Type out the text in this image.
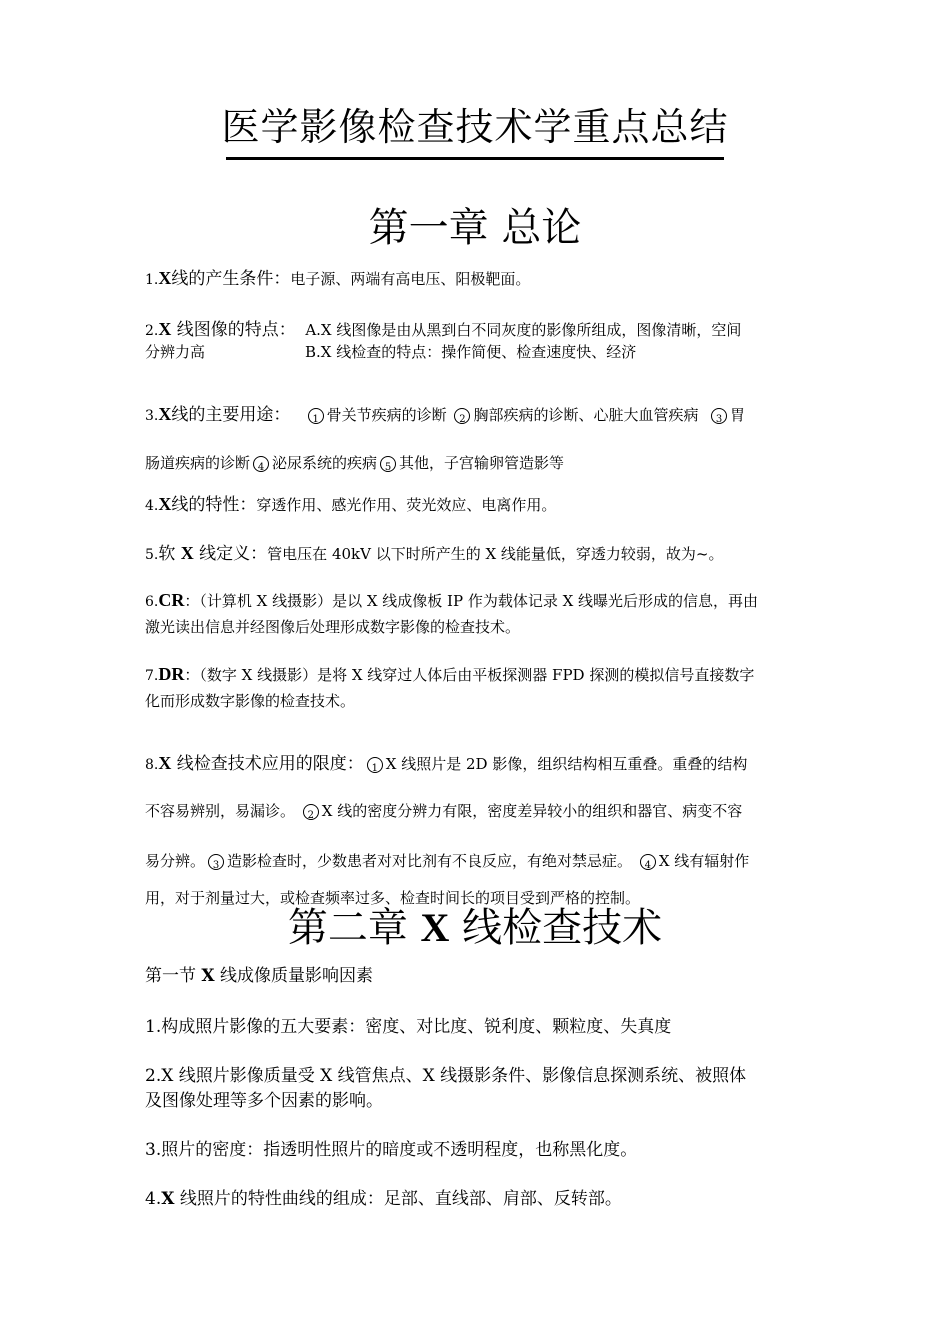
医学影像检查技术学重点总结
第一章 总论
1.X线的产生条件：电子源、两端有高电压、阳极靶面。
2.X 线图像的特点： A.X 线图像是由从黑到白不同灰度的影像所组成，图像清晰，空间
分辨力高	B.X 线检查的特点：操作简便、检查速度快、经济
3.X线的主要用途： 1 骨关节疾病的诊断 2 胸部疾病的诊断、心脏大血管疾病 3 胃
肠道疾病的诊断 4 泌尿系统的疾病 5 其他，子宫输卵管造影等
4.X线的特性：穿透作用、感光作用、荧光效应、电离作用。
5.软 X 线定义：管电压在 40kV 以下时所产生的 X 线能量低，穿透力较弱，故为~。
6.CR：（计算机 X 线摄影）是以 X 线成像板 IP 作为载体记录 X 线曝光后形成的信息，再由
激光读出信息并经图像后处理形成数字影像的检查技术。
7.DR：（数字 X 线摄影）是将 X 线穿过人体后由平板探测器 FPD 探测的模拟信号直接数字
化而形成数字影像的检查技术。
8.X 线检查技术应用的限度： 1 X 线照片是 2D 影像，组织结构相互重叠。重叠的结构
不容易辨别，易漏诊。 2 X 线的密度分辨力有限，密度差异较小的组织和器官、病变不容
易分辨。 3 造影检查时，少数患者对对比剂有不良反应，有绝对禁忌症。 4 X 线有辐射作
用，对于剂量过大，或检查频率过多、检查时间长的项目受到严格的控制。
第二章 X 线检查技术
第一节 X 线成像质量影响因素
1.构成照片影像的五大要素：密度、对比度、锐利度、颗粒度、失真度
2.X 线照片影像质量受 X 线管焦点、X 线摄影条件、影像信息探测系统、被照体
及图像处理等多个因素的影响。
3.照片的密度：指透明性照片的暗度或不透明程度，也称黑化度。
4.X 线照片的特性曲线的组成：足部、直线部、肩部、反转部。
